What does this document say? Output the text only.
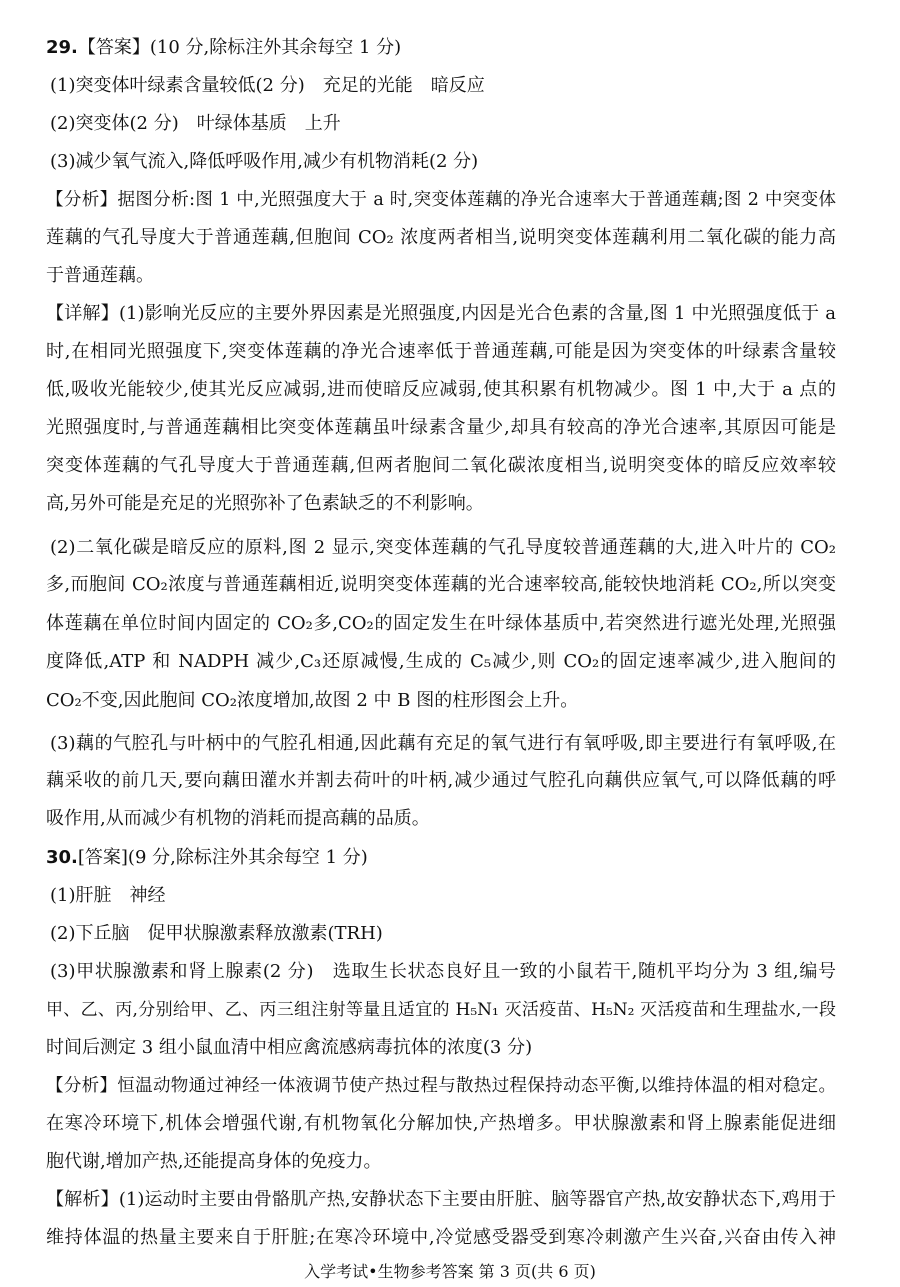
29.【答案】(10 分,除标注外其余每空 1 分)
(1)突变体叶绿素含量较低(2 分)　充足的光能　暗反应
(2)突变体(2 分)　叶绿体基质　上升
(3)减少氧气流入,降低呼吸作用,减少有机物消耗(2 分)
【分析】据图分析:图 1 中,光照强度大于 a 时,突变体莲藕的净光合速率大于普通莲藕;图 2 中突变体
莲藕的气孔导度大于普通莲藕,但胞间 CO₂ 浓度两者相当,说明突变体莲藕利用二氧化碳的能力高
于普通莲藕。
【详解】(1)影响光反应的主要外界因素是光照强度,内因是光合色素的含量,图 1 中光照强度低于 a
时,在相同光照强度下,突变体莲藕的净光合速率低于普通莲藕,可能是因为突变体的叶绿素含量较
低,吸收光能较少,使其光反应减弱,进而使暗反应减弱,使其积累有机物减少。图 1 中,大于 a 点的
光照强度时,与普通莲藕相比突变体莲藕虽叶绿素含量少,却具有较高的净光合速率,其原因可能是
突变体莲藕的气孔导度大于普通莲藕,但两者胞间二氧化碳浓度相当,说明突变体的暗反应效率较
高,另外可能是充足的光照弥补了色素缺乏的不利影响。
(2)二氧化碳是暗反应的原料,图 2 显示,突变体莲藕的气孔导度较普通莲藕的大,进入叶片的 CO₂
多,而胞间 CO₂浓度与普通莲藕相近,说明突变体莲藕的光合速率较高,能较快地消耗 CO₂,所以突变
体莲藕在单位时间内固定的 CO₂多,CO₂的固定发生在叶绿体基质中,若突然进行遮光处理,光照强
度降低,ATP 和 NADPH 减少,C₃还原减慢,生成的 C₅减少,则 CO₂的固定速率减少,进入胞间的
CO₂不变,因此胞间 CO₂浓度增加,故图 2 中 B 图的柱形图会上升。
(3)藕的气腔孔与叶柄中的气腔孔相通,因此藕有充足的氧气进行有氧呼吸,即主要进行有氧呼吸,在
藕采收的前几天,要向藕田灌水并割去荷叶的叶柄,减少通过气腔孔向藕供应氧气,可以降低藕的呼
吸作用,从而减少有机物的消耗而提高藕的品质。
30.[答案](9 分,除标注外其余每空 1 分)
(1)肝脏　神经
(2)下丘脑　促甲状腺激素释放激素(TRH)
(3)甲状腺激素和肾上腺素(2 分)　选取生长状态良好且一致的小鼠若干,随机平均分为 3 组,编号
甲、乙、丙,分别给甲、乙、丙三组注射等量且适宜的 H₅N₁ 灭活疫苗、H₅N₂ 灭活疫苗和生理盐水,一段
时间后测定 3 组小鼠血清中相应禽流感病毒抗体的浓度(3 分)
【分析】恒温动物通过神经一体液调节使产热过程与散热过程保持动态平衡,以维持体温的相对稳定。
在寒冷环境下,机体会增强代谢,有机物氧化分解加快,产热增多。甲状腺激素和肾上腺素能促进细
胞代谢,增加产热,还能提高身体的免疫力。
【解析】(1)运动时主要由骨骼肌产热,安静状态下主要由肝脏、脑等器官产热,故安静状态下,鸡用于
维持体温的热量主要来自于肝脏;在寒冷环境中,冷觉感受器受到寒冷刺激产生兴奋,兴奋由传入神
入学考试•生物参考答案 第 3 页(共 6 页)
